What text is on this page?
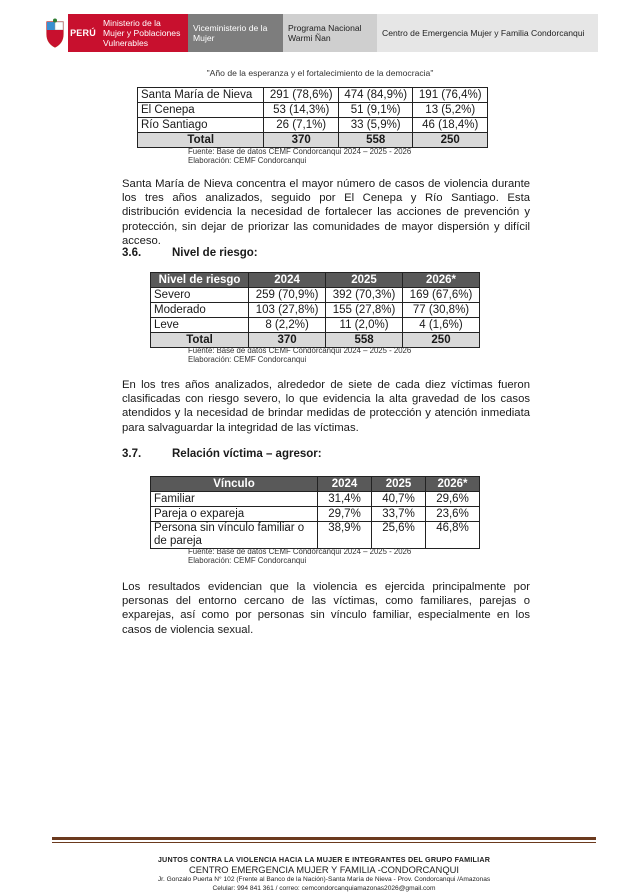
PERÚ
Ministerio de la Mujer y Poblaciones Vulnerables
Viceministerio de la Mujer
Programa Nacional Warmi Ñan	Centro de Emergencia Mujer y Familia Condorcanqui
"Año de la esperanza y el fortalecimiento de la democracia"
Santa María de Nieva	291 (78,6%)	474 (84,9%)	191 (76,4%)
El Cenepa	53 (14,3%)	51 (9,1%)	13 (5,2%)
Río Santiago	26 (7,1%)	33 (5,9%)	46 (18,4%)
Total	370	558	250
Fuente: Base de datos CEMF Condorcanqui 2024 – 2025 - 2026
Elaboración: CEMF Condorcanqui

Santa María de Nieva concentra el mayor número de casos de violencia durante los tres años analizados, seguido por El Cenepa y Río Santiago. Esta distribución evidencia la necesidad de fortalecer las acciones de prevención y protección, sin dejar de priorizar las comunidades de mayor dispersión y difícil acceso.

3.6.	Nivel de riesgo:
Nivel de riesgo	2024	2025	2026*
Severo	259 (70,9%)	392 (70,3%)	169 (67,6%)
Moderado	103 (27,8%)	155 (27,8%)	77 (30,8%)
Leve	8 (2,2%)	11 (2,0%)	4 (1,6%)
Total	370	558	250
Fuente: Base de datos CEMF Condorcanqui 2024 – 2025 - 2026
Elaboración: CEMF Condorcanqui

En los tres años analizados, alrededor de siete de cada diez víctimas fueron clasificadas con riesgo severo, lo que evidencia la alta gravedad de los casos atendidos y la necesidad de brindar medidas de protección y atención inmediata para salvaguardar la integridad de las víctimas.

3.7.	Relación víctima – agresor:
Vínculo	2024	2025	2026*
Familiar	31,4%	40,7%	29,6%
Pareja o expareja	29,7%	33,7%	23,6%
Persona sin vínculo familiar o de pareja	38,9%	25,6%	46,8%
Fuente: Base de datos CEMF Condorcanqui 2024 – 2025 - 2026
Elaboración: CEMF Condorcanqui

Los resultados evidencian que la violencia es ejercida principalmente por personas del entorno cercano de las víctimas, como familiares, parejas o exparejas, así como por personas sin vínculo familiar, especialmente en los casos de violencia sexual.

JUNTOS CONTRA LA VIOLENCIA HACIA LA MUJER E INTEGRANTES DEL GRUPO FAMILIAR
CENTRO EMERGENCIA MUJER Y FAMILIA -CONDORCANQUI
Jr. Gonzalo Puerta N° 102 (Frente al Banco de la Nación)-Santa María de Nieva - Prov. Condorcanqui /Amazonas
Celular: 994 841 361 / correo: cemcondorcanquiamazonas2026@gmail.com
